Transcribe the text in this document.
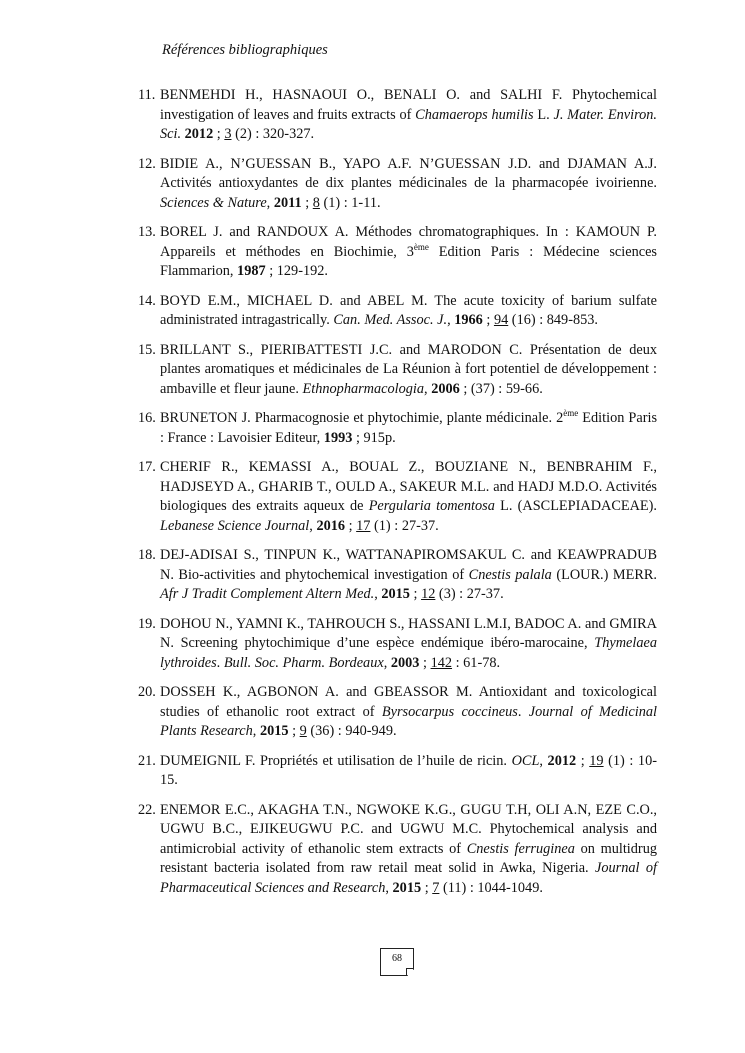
Références bibliographiques
11. BENMEHDI H., HASNAOUI O., BENALI O. and SALHI F. Phytochemical investigation of leaves and fruits extracts of Chamaerops humilis L. J. Mater. Environ. Sci. 2012 ; 3 (2) : 320-327.
12. BIDIE A., N’GUESSAN B., YAPO A.F. N’GUESSAN J.D. and DJAMAN A.J. Activités antioxydantes de dix plantes médicinales de la pharmacopée ivoirienne. Sciences & Nature, 2011 ; 8 (1) : 1-11.
13. BOREL J. and RANDOUX A. Méthodes chromatographiques. In : KAMOUN P. Appareils et méthodes en Biochimie, 3ème Edition Paris : Médecine sciences Flammarion, 1987 ; 129-192.
14. BOYD E.M., MICHAEL D. and ABEL M. The acute toxicity of barium sulfate administrated intragastrically. Can. Med. Assoc. J., 1966 ; 94 (16) : 849-853.
15. BRILLANT S., PIERIBATTESTI J.C. and MARODON C. Présentation de deux plantes aromatiques et médicinales de La Réunion à fort potentiel de développement : ambaville et fleur jaune. Ethnopharmacologia, 2006 ; (37) : 59-66.
16. BRUNETON J. Pharmacognosie et phytochimie, plante médicinale. 2ème Edition Paris : France : Lavoisier Editeur, 1993 ; 915p.
17. CHERIF R., KEMASSI A., BOUAL Z., BOUZIANE N., BENBRAHIM F., HADJSEYD A., GHARIB T., OULD A., SAKEUR M.L. and HADJ M.D.O. Activités biologiques des extraits aqueux de Pergularia tomentosa L. (ASCLEPIADACEAE). Lebanese Science Journal, 2016 ; 17 (1) : 27-37.
18. DEJ-ADISAI S., TINPUN K., WATTANAPIROMSAKUL C. and KEAWPRADUB N. Bio-activities and phytochemical investigation of Cnestis palala (LOUR.) MERR. Afr J Tradit Complement Altern Med., 2015 ; 12 (3) : 27-37.
19. DOHOU N., YAMNI K., TAHROUCH S., HASSANI L.M.I, BADOC A. and GMIRA N. Screening phytochimique d’une espèce endémique ibéro-marocaine, Thymelaea lythroides. Bull. Soc. Pharm. Bordeaux, 2003 ; 142 : 61-78.
20. DOSSEH K., AGBONON A. and GBEASSOR M. Antioxidant and toxicological studies of ethanolic root extract of Byrsocarpus coccineus. Journal of Medicinal Plants Research, 2015 ; 9 (36) : 940-949.
21. DUMEIGNIL F. Propriétés et utilisation de l’huile de ricin. OCL, 2012 ; 19 (1) : 10-15.
22. ENEMOR E.C., AKAGHA T.N., NGWOKE K.G., GUGU T.H, OLI A.N, EZE C.O., UGWU B.C., EJIKEUGWU P.C. and UGWU M.C. Phytochemical analysis and antimicrobial activity of ethanolic stem extracts of Cnestis ferruginea on multidrug resistant bacteria isolated from raw retail meat solid in Awka, Nigeria. Journal of Pharmaceutical Sciences and Research, 2015 ; 7 (11) : 1044-1049.
68
